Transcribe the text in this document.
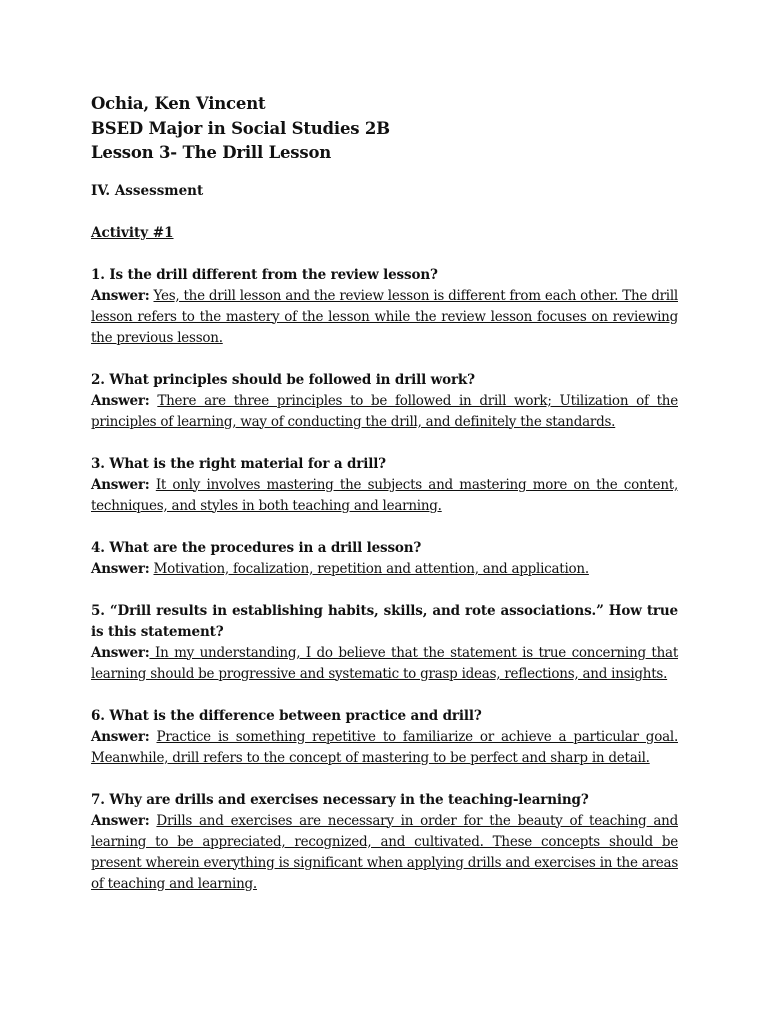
Ochia, Ken Vincent

BSED Major in Social Studies 2B

Lesson 3- The Drill Lesson

IV. Assessment

Activity #1

1. Is the drill different from the review lesson?

Answer: Yes, the drill lesson and the review lesson is different from each other. The drill lesson refers to the mastery of the lesson while the review lesson focuses on reviewing the previous lesson.

2. What principles should be followed in drill work?

Answer: There are three principles to be followed in drill work; Utilization of the principles of learning, way of conducting the drill, and definitely the standards.

3. What is the right material for a drill?

Answer: It only involves mastering the subjects and mastering more on the content, techniques, and styles in both teaching and learning.

4. What are the procedures in a drill lesson?

Answer: Motivation, focalization, repetition and attention, and application.

5. “Drill results in establishing habits, skills, and rote associations.” How true is this statement?

Answer: In my understanding, I do believe that the statement is true concerning that learning should be progressive and systematic to grasp ideas, reflections, and insights.

6. What is the difference between practice and drill?

Answer: Practice is something repetitive to familiarize or achieve a particular goal. Meanwhile, drill refers to the concept of mastering to be perfect and sharp in detail.

7. Why are drills and exercises necessary in the teaching-learning?

Answer: Drills and exercises are necessary in order for the beauty of teaching and learning to be appreciated, recognized, and cultivated. These concepts should be present wherein everything is significant when applying drills and exercises in the areas of teaching and learning.
